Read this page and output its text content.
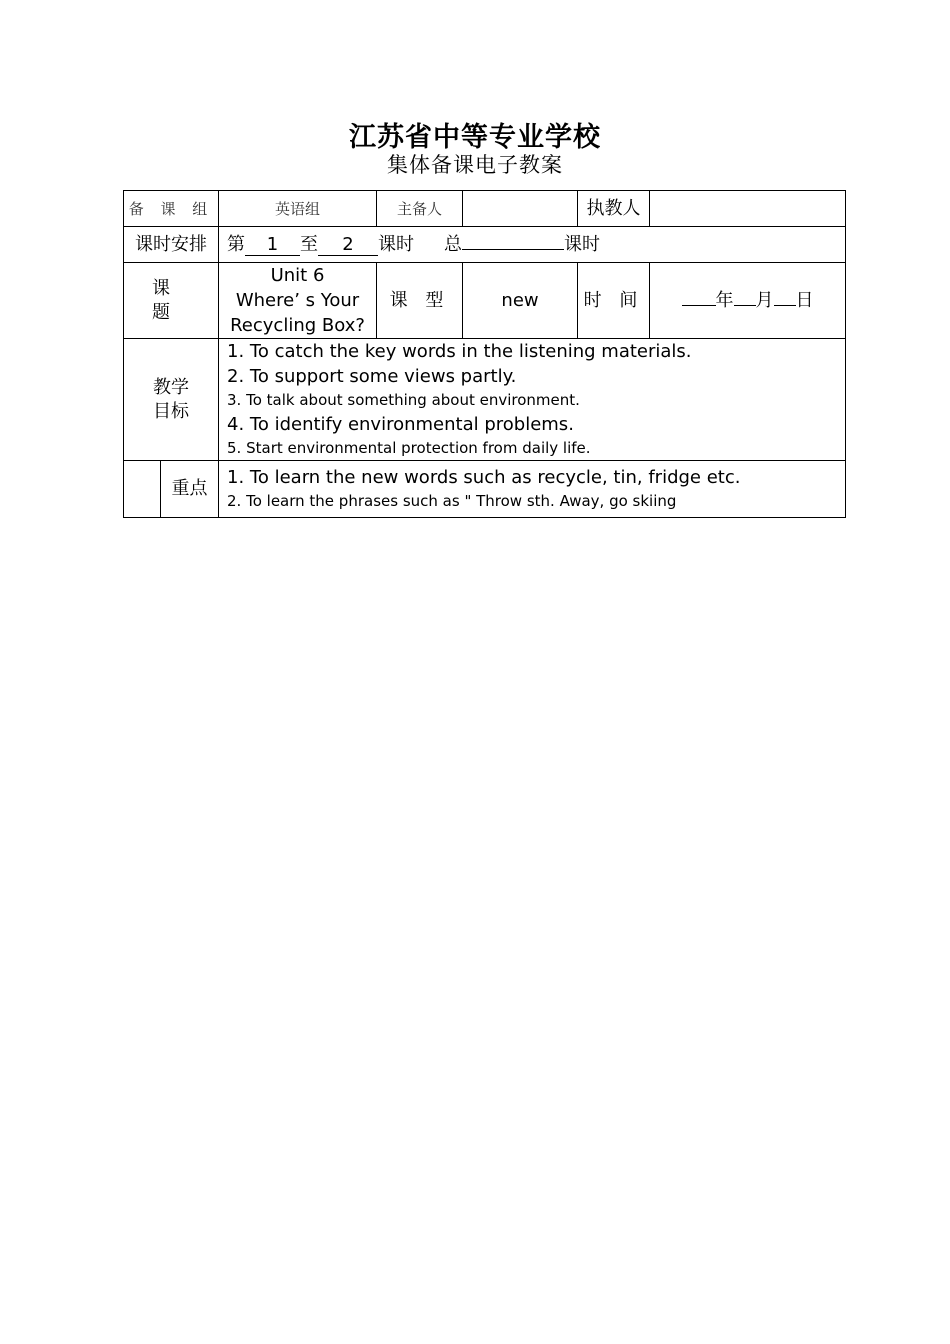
江苏省中等专业学校
集体备课电子教案
备 课 组		英语组	主备人		执教人	
课时安排		第 1 至 2 课时 总 课时				
课 题		Unit 6
Where’ s Your
Recycling Box?	课 型	new	时 间	年 月 日

教学
目标		1. To catch the key words in the listening materials.
2. To support some views partly.
3. To talk about something about environment.
4. To identify environmental problems.
5. Start environmental protection from daily life.				

	重点	1. To learn the new words such as recycle, tin, fridge etc.
2. To learn the phrases such as " Throw sth. Away, go skiing				
